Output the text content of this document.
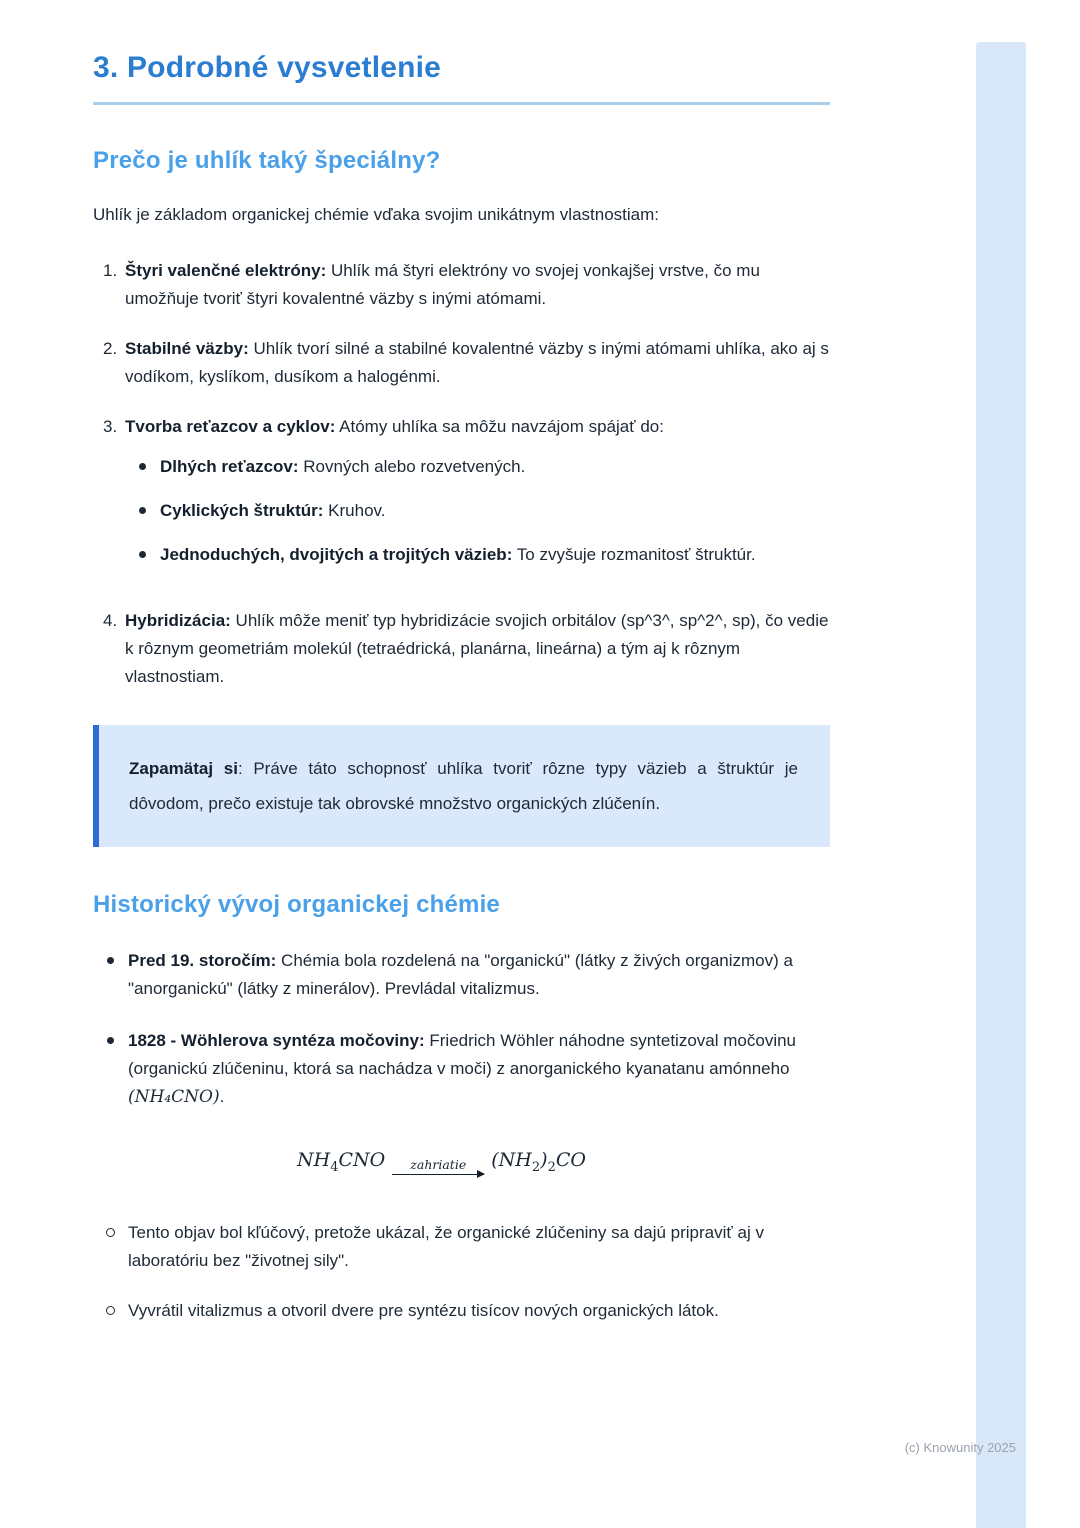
3. Podrobné vysvetlenie
Prečo je uhlík taký špeciálny?

Uhlík je základom organickej chémie vďaka svojim unikátnym vlastnostiam:

1. Štyri valenčné elektróny: Uhlík má štyri elektróny vo svojej vonkajšej vrstve, čo mu umožňuje tvoriť štyri kovalentné väzby s inými atómami.
2. Stabilné väzby: Uhlík tvorí silné a stabilné kovalentné väzby s inými atómami uhlíka, ako aj s vodíkom, kyslíkom, dusíkom a halogénmi.
3. Tvorba reťazcov a cyklov: Atómy uhlíka sa môžu navzájom spájať do:
Dlhých reťazcov: Rovných alebo rozvetvených.
Cyklických štruktúr: Kruhov.
Jednoduchých, dvojitých a trojitých väzieb: To zvyšuje rozmanitosť štruktúr.
4. Hybridizácia: Uhlík môže meniť typ hybridizácie svojich orbitálov (sp^3^, sp^2^, sp), čo vedie k rôznym geometriám molekúl (tetraédrická, planárna, lineárna) a tým aj k rôznym vlastnostiam.

Zapamätaj si: Práve táto schopnosť uhlíka tvoriť rôzne typy väzieb a štruktúr je dôvodom, prečo existuje tak obrovské množstvo organických zlúčenín.

Historický vývoj organickej chémie
Pred 19. storočím: Chémia bola rozdelená na "organickú" (látky z živých organizmov) a "anorganickú" (látky z minerálov). Prevládal vitalizmus.
1828 - Wöhlerova syntéza močoviny: Friedrich Wöhler náhodne syntetizoval močovinu (organickú zlúčeninu, ktorá sa nachádza v moči) z anorganického kyanatanu amónneho (NH₄CNO).
$NH_4CNO$	zahriatie $(NH_2)_2CO$
Tento objav bol kľúčový, pretože ukázal, že organické zlúčeniny sa dajú pripraviť aj v laboratóriu bez "životnej sily".
Vyvrátil vitalizmus a otvoril dvere pre syntézu tisícov nových organických látok.
(c) Knowunity 2025
